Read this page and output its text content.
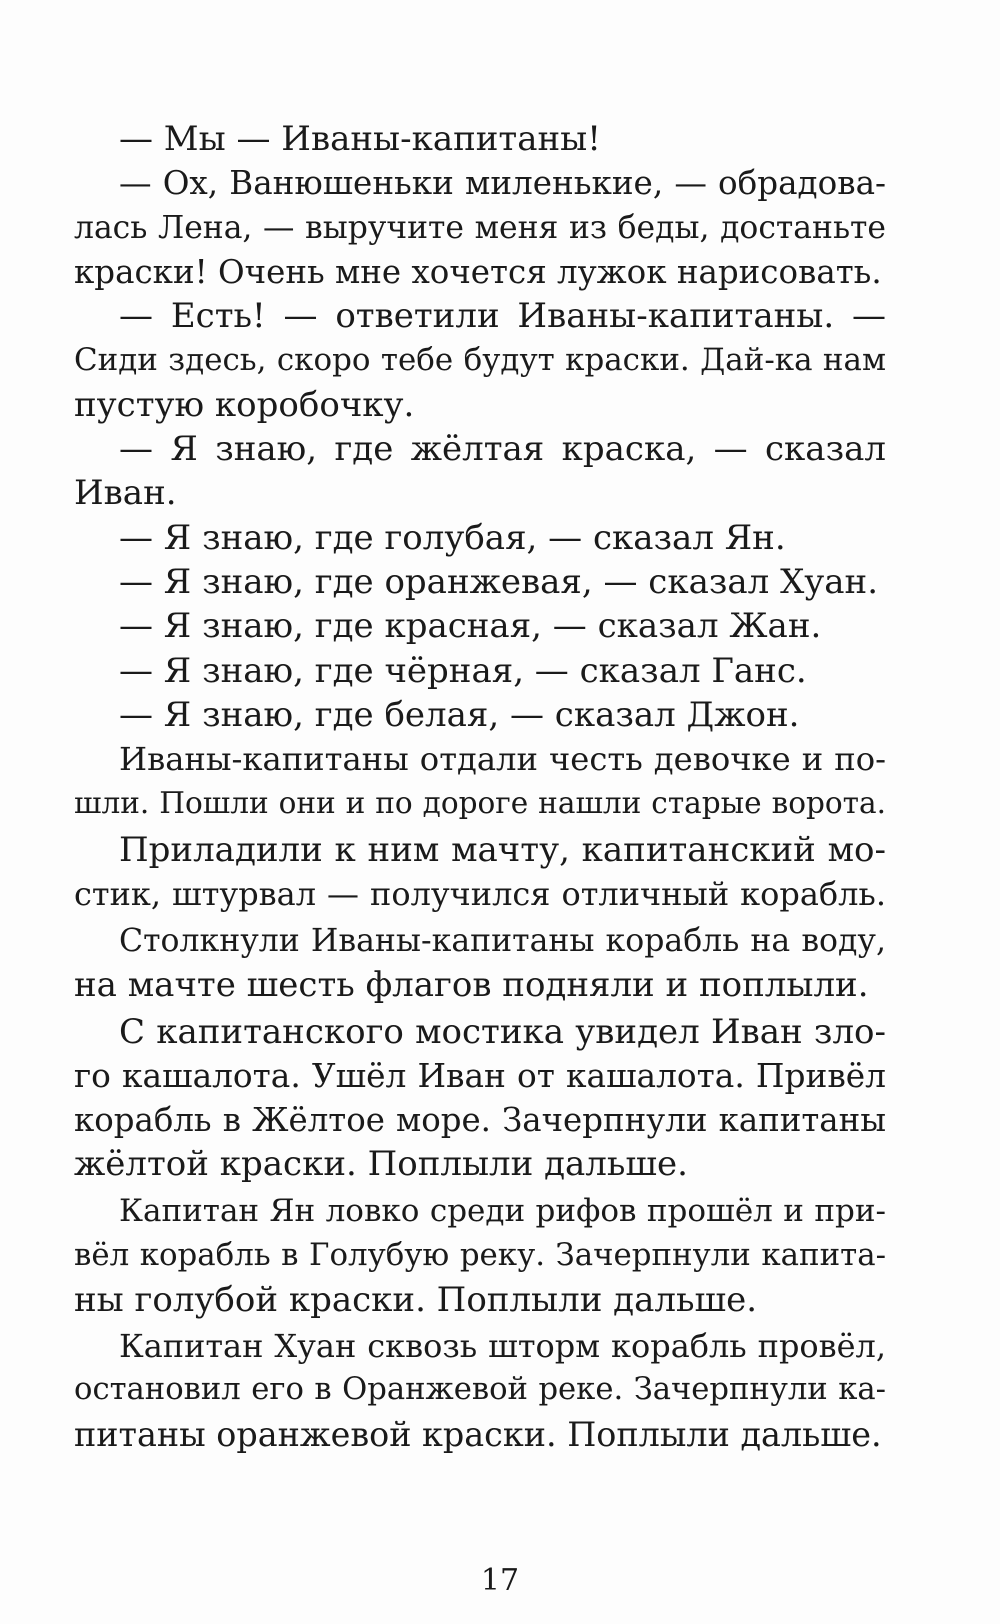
— Мы — Иваны-капитаны!
— Ох, Ванюшеньки миленькие, — обрадова-
лась Лена, — выручите меня из беды, достаньте
краски! Очень мне хочется лужок нарисовать.
— Есть! — ответили Иваны-капитаны. —
Сиди здесь, скоро тебе будут краски. Дай-ка нам
пустую коробочку.
— Я знаю, где жёлтая краска, — сказал
Иван.
— Я знаю, где голубая, — сказал Ян.
— Я знаю, где оранжевая, — сказал Хуан.
— Я знаю, где красная, — сказал Жан.
— Я знаю, где чёрная, — сказал Ганс.
— Я знаю, где белая, — сказал Джон.
Иваны-капитаны отдали честь девочке и по-
шли. Пошли они и по дороге нашли старые ворота.
Приладили к ним мачту, капитанский мо-
стик, штурвал — получился отличный корабль.
Столкнули Иваны-капитаны корабль на воду,
на мачте шесть флагов подняли и поплыли.
С капитанского мостика увидел Иван зло-
го кашалота. Ушёл Иван от кашалота. Привёл
корабль в Жёлтое море. Зачерпнули капитаны
жёлтой краски. Поплыли дальше.
Капитан Ян ловко среди рифов прошёл и при-
вёл корабль в Голубую реку. Зачерпнули капита-
ны голубой краски. Поплыли дальше.
Капитан Хуан сквозь шторм корабль провёл,
остановил его в Оранжевой реке. Зачерпнули ка-
питаны оранжевой краски. Поплыли дальше.
17
